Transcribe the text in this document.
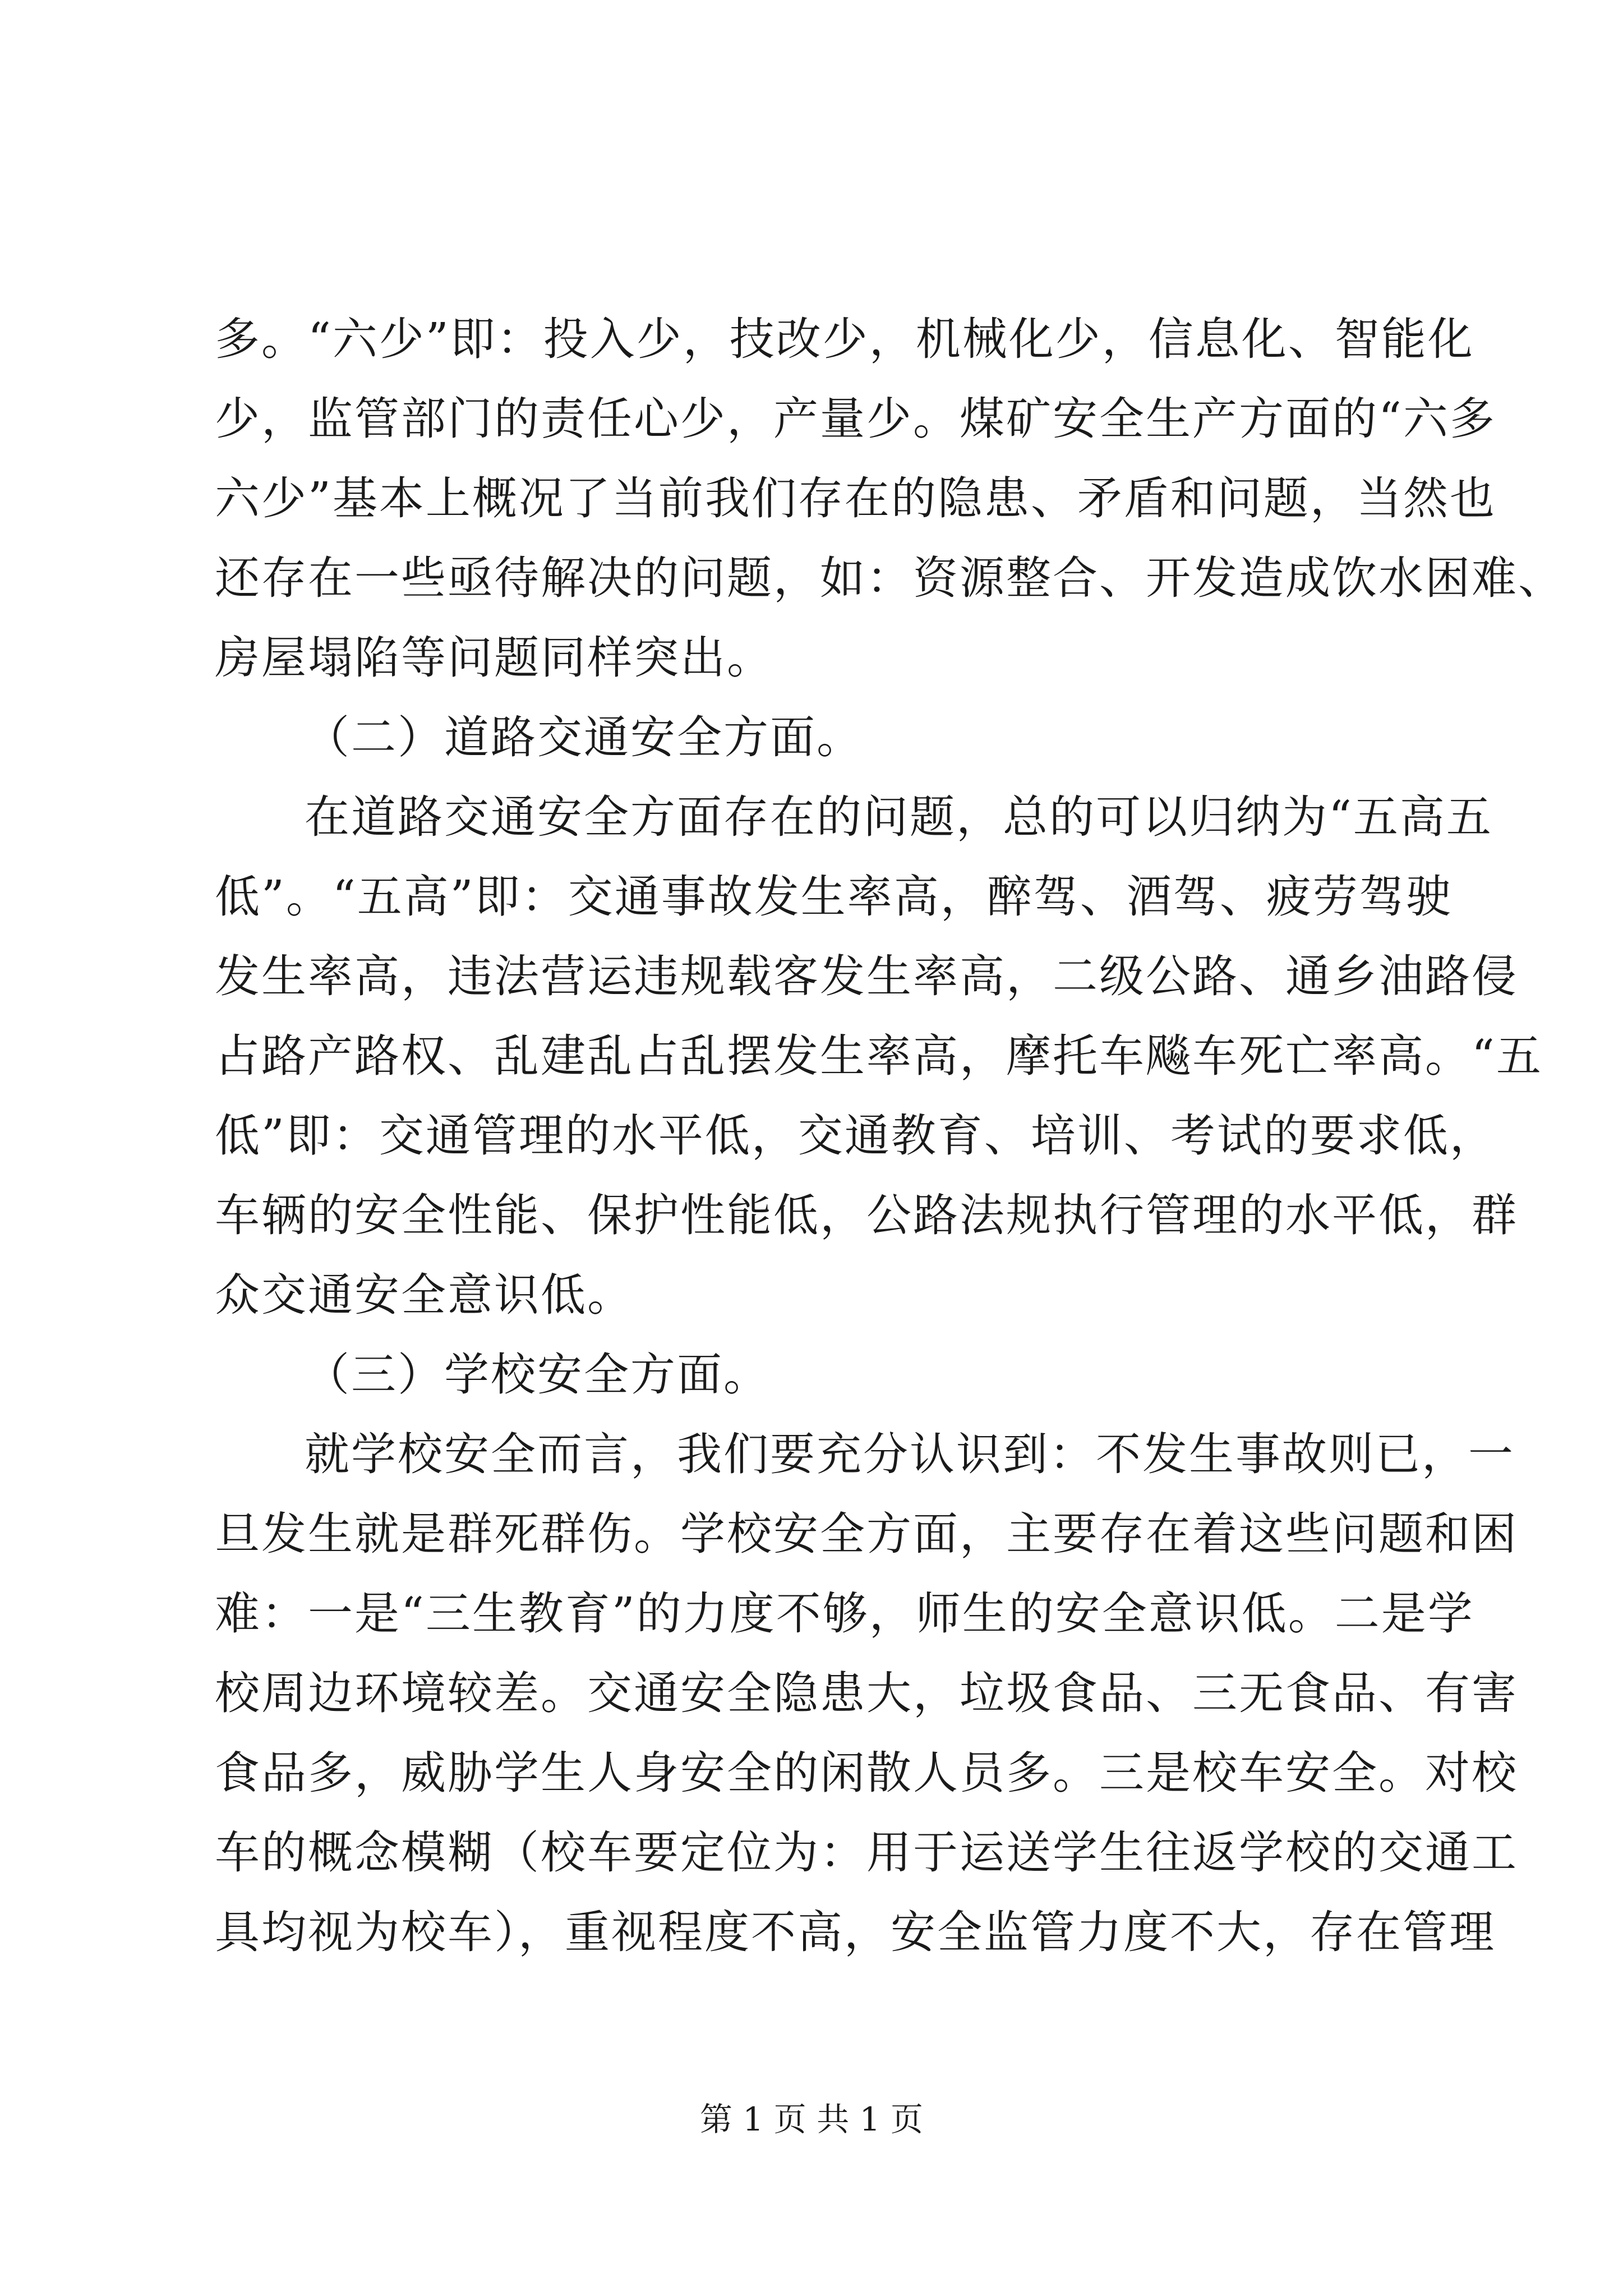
多。“六少”即：投入少，技改少，机械化少，信息化、智能化
少，监管部门的责任心少，产量少。煤矿安全生产方面的“六多
六少”基本上概况了当前我们存在的隐患、矛盾和问题，当然也
还存在一些亟待解决的问题，如：资源整合、开发造成饮水困难、
房屋塌陷等问题同样突出。
（二）道路交通安全方面。
在道路交通安全方面存在的问题，总的可以归纳为“五高五
低”。“五高”即：交通事故发生率高，醉驾、酒驾、疲劳驾驶
发生率高，违法营运违规载客发生率高，二级公路、通乡油路侵
占路产路权、乱建乱占乱摆发生率高，摩托车飚车死亡率高。“五
低”即：交通管理的水平低，交通教育、培训、考试的要求低，
车辆的安全性能、保护性能低，公路法规执行管理的水平低，群
众交通安全意识低。
（三）学校安全方面。
就学校安全而言，我们要充分认识到：不发生事故则已，一
旦发生就是群死群伤。学校安全方面，主要存在着这些问题和困
难：一是“三生教育”的力度不够，师生的安全意识低。二是学
校周边环境较差。交通安全隐患大，垃圾食品、三无食品、有害
食品多，威胁学生人身安全的闲散人员多。三是校车安全。对校
车的概念模糊（校车要定位为：用于运送学生往返学校的交通工
具均视为校车），重视程度不高，安全监管力度不大，存在管理
第 1 页 共 1 页
